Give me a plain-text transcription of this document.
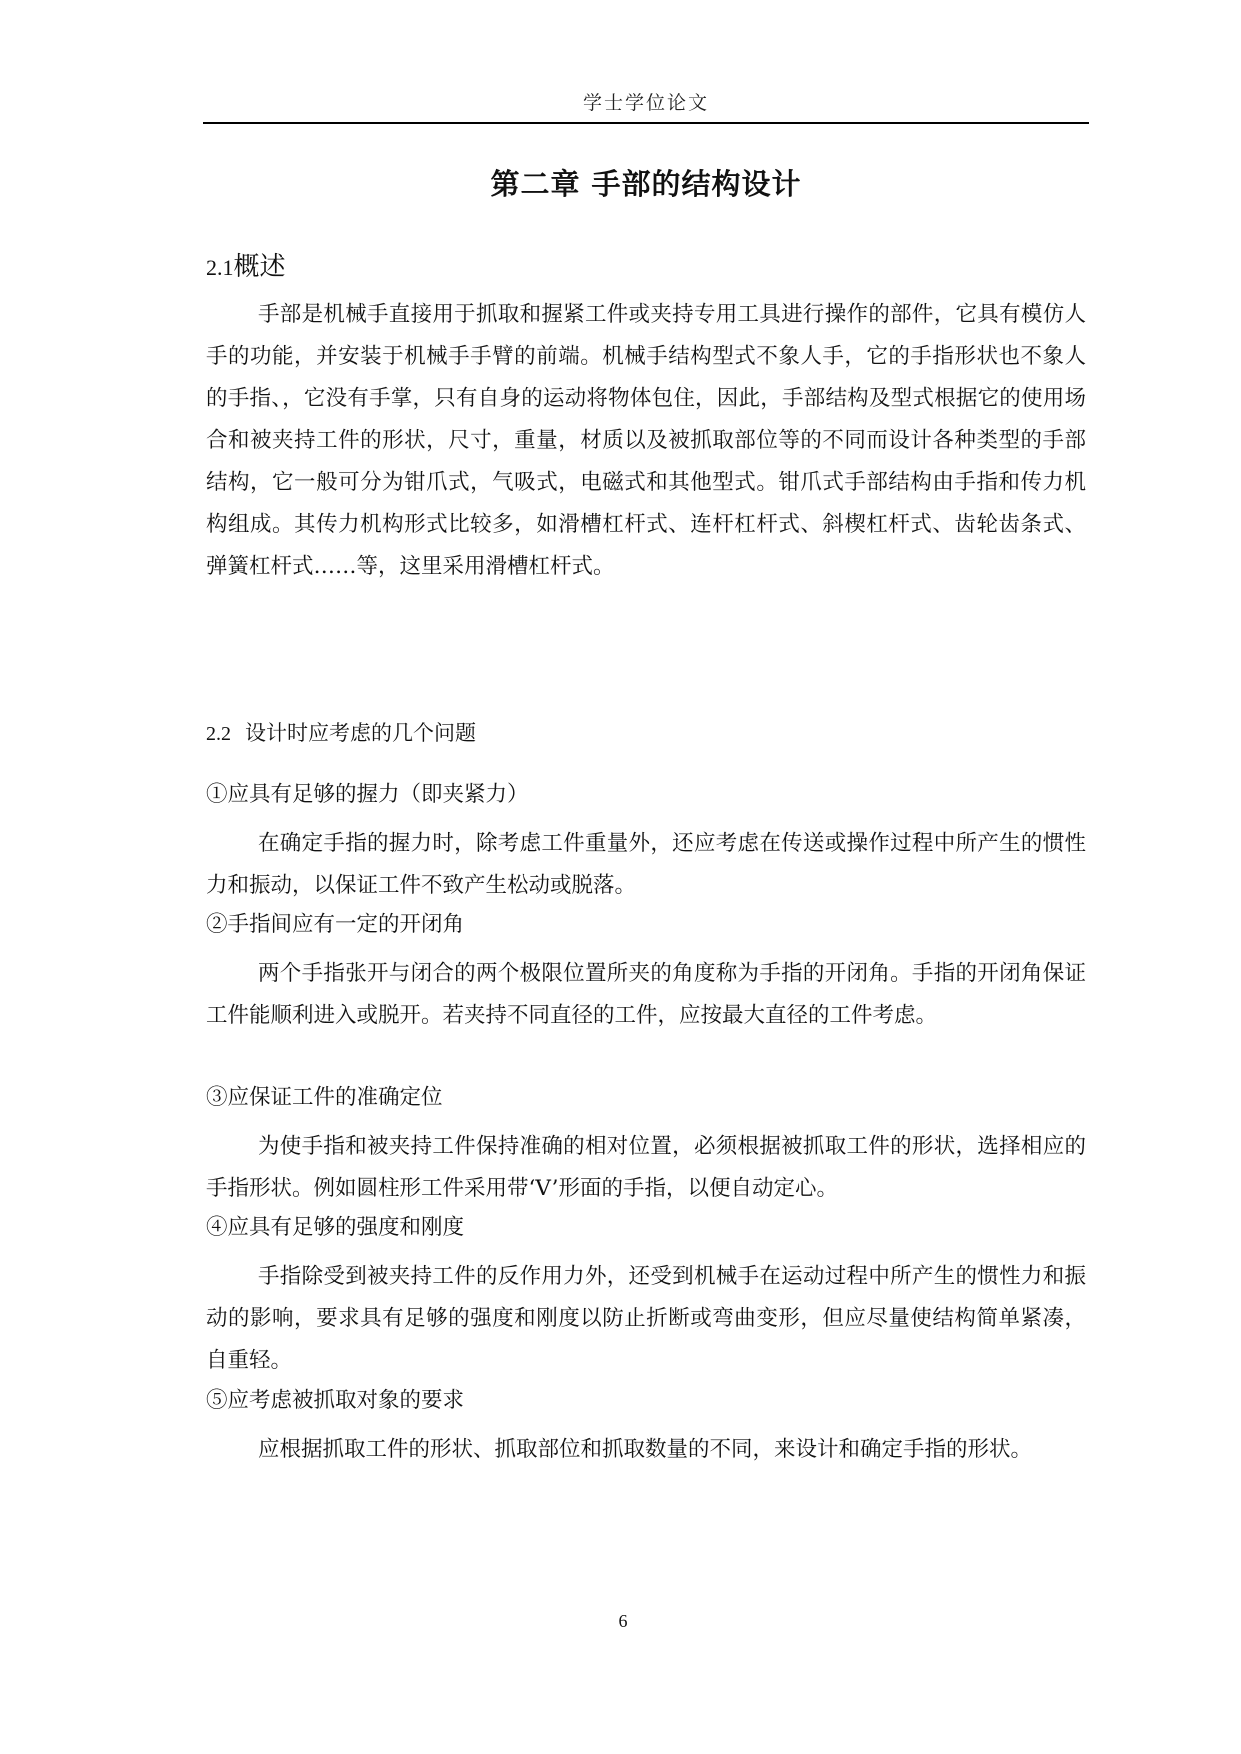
学士学位论文
第二章 手部的结构设计
2.1概述

手部是机械手直接用于抓取和握紧工件或夹持专用工具进行操作的部件，它具有模仿人手的功能，并安装于机械手手臂的前端。机械手结构型式不象人手，它的手指形状也不象人的手指、，它没有手掌，只有自身的运动将物体包住，因此，手部结构及型式根据它的使用场合和被夹持工件的形状，尺寸，重量，材质以及被抓取部位等的不同而设计各种类型的手部结构，它一般可分为钳爪式，气吸式，电磁式和其他型式。钳爪式手部结构由手指和传力机构组成。其传力机构形式比较多，如滑槽杠杆式、连杆杠杆式、斜楔杠杆式、齿轮齿条式、弹簧杠杆式……等，这里采用滑槽杠杆式。

2.2 设计时应考虑的几个问题

①应具有足够的握力（即夹紧力）

在确定手指的握力时，除考虑工件重量外，还应考虑在传送或操作过程中所产生的惯性力和振动，以保证工件不致产生松动或脱落。

②手指间应有一定的开闭角

两个手指张开与闭合的两个极限位置所夹的角度称为手指的开闭角。手指的开闭角保证工件能顺利进入或脱开。若夹持不同直径的工件，应按最大直径的工件考虑。

③应保证工件的准确定位

为使手指和被夹持工件保持准确的相对位置，必须根据被抓取工件的形状，选择相应的手指形状。例如圆柱形工件采用带‘V’形面的手指，以便自动定心。

④应具有足够的强度和刚度

手指除受到被夹持工件的反作用力外，还受到机械手在运动过程中所产生的惯性力和振动的影响，要求具有足够的强度和刚度以防止折断或弯曲变形，但应尽量使结构简单紧凑，自重轻。

⑤应考虑被抓取对象的要求

应根据抓取工件的形状、抓取部位和抓取数量的不同，来设计和确定手指的形状。

6
